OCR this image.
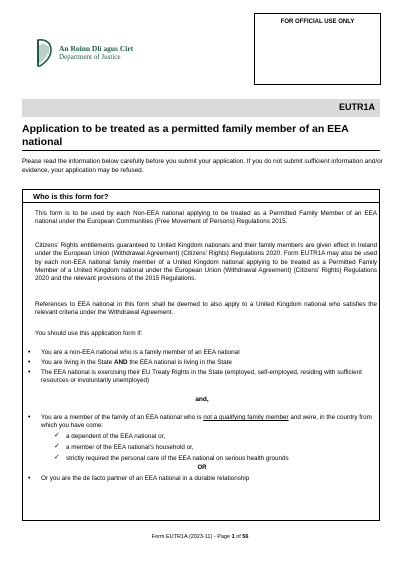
FOR OFFICIAL USE ONLY
An Roinn Dlí agus Cirt
Department of Justice
EUTR1A
Application to be treated as a permitted family member of an EEA national
Please read the information below carefully before you submit your application. If you do not submit sufficient information and/or evidence, your application may be refused.
Who is this form for?
This form is to be used by each Non-EEA national applying to be treated as a Permitted Family Member of an EEA national under the European Communities (Free Movement of Persons) Regulations 2015.
Citizens' Rights entitlements guaranteed to United Kingdom nationals and their family members are given effect in Ireland under the European Union (Withdrawal Agreement) (Citizens' Rights) Regulations 2020. Form EUTR1A may also be used by each non-EEA national family member of a United Kingdom national applying to be treated as a Permitted Family Member of a United Kingdom national under the European Union (Withdrawal Agreement) (Citizens' Rights) Regulations 2020 and the relevant provisions of the 2015 Regulations.
References to EEA national in this form shall be deemed to also apply to a United Kingdom national who satisfies the relevant criteria under the Withdrawal Agreement.
You should use this application form if:
• You are a non-EEA national who is a family member of an EEA national
• You are living in the State AND the EEA national is living in the State
• The EEA national is exercising their EU Treaty Rights in the State (employed, self-employed, residing with sufficient resources or involuntarily unemployed)
and,
• You are a member of the family of an EEA national who is not a qualifying family member and were, in the country from which you have come:
✓ a dependent of the EEA national or,
✓ a member of the EEA national's household or,
✓ strictly required the personal care of the EEA national on serious health grounds
OR
• Or you are the de facto partner of an EEA national in a durable relationship
Form EUTR1A (2023-11) - Page 1 of 56
